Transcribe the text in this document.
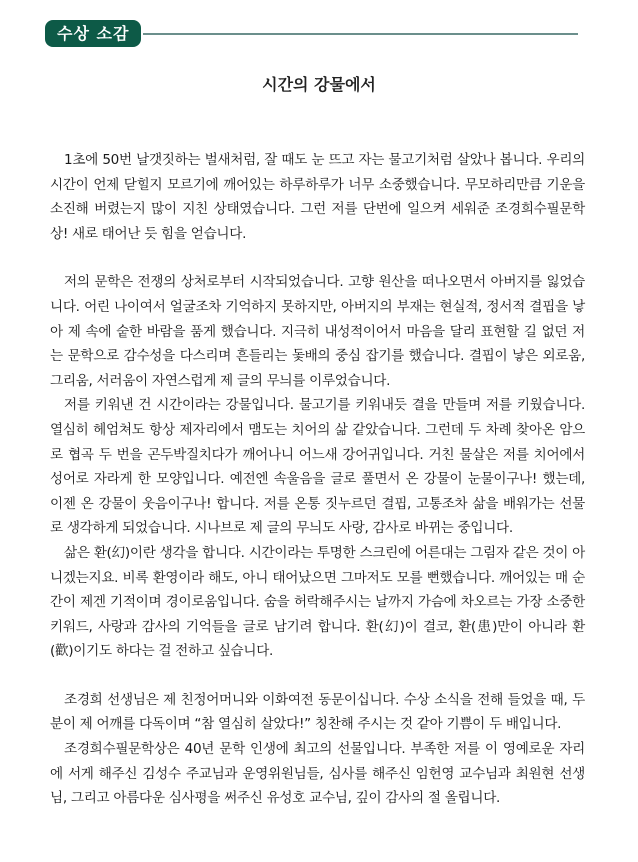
수상 소감
시간의 강물에서

1초에 50번 날갯짓하는 벌새처럼, 잘 때도 눈 뜨고 자는 물고기처럼 살았나 봅니다. 우리의 시간이 언제 닫힐지 모르기에 깨어있는 하루하루가 너무 소중했습니다. 무모하리만큼 기운을 소진해 버렸는지 많이 지친 상태였습니다. 그런 저를 단번에 일으켜 세워준 조경희수필문학상! 새로 태어난 듯 힘을 얻습니다.

저의 문학은 전쟁의 상처로부터 시작되었습니다. 고향 원산을 떠나오면서 아버지를 잃었습니다. 어린 나이여서 얼굴조차 기억하지 못하지만, 아버지의 부재는 현실적, 정서적 결핍을 낳아 제 속에 숱한 바람을 품게 했습니다. 지극히 내성적이어서 마음을 달리 표현할 길 없던 저는 문학으로 감수성을 다스리며 흔들리는 돛배의 중심 잡기를 했습니다. 결핍이 낳은 외로움, 그리움, 서러움이 자연스럽게 제 글의 무늬를 이루었습니다.

저를 키워낸 건 시간이라는 강물입니다. 물고기를 키워내듯 결을 만들며 저를 키웠습니다. 열심히 헤엄쳐도 항상 제자리에서 맴도는 치어의 삶 같았습니다. 그런데 두 차례 찾아온 암으로 협곡 두 번을 곤두박질치다가 깨어나니 어느새 강어귀입니다. 거친 물살은 저를 치어에서 성어로 자라게 한 모양입니다. 예전엔 속울음을 글로 풀면서 온 강물이 눈물이구나! 했는데, 이젠 온 강물이 웃음이구나! 합니다. 저를 온통 짓누르던 결핍, 고통조차 삶을 배워가는 선물로 생각하게 되었습니다. 시나브로 제 글의 무늬도 사랑, 감사로 바뀌는 중입니다.

삶은 환(幻)이란 생각을 합니다. 시간이라는 투명한 스크린에 어른대는 그림자 같은 것이 아니겠는지요. 비록 환영이라 해도, 아니 태어났으면 그마저도 모를 뻔했습니다. 깨어있는 매 순간이 제겐 기적이며 경이로움입니다. 숨을 허락해주시는 날까지 가슴에 차오르는 가장 소중한 키워드, 사랑과 감사의 기억들을 글로 남기려 합니다. 환(幻)이 결코, 환(患)만이 아니라 환(歡)이기도 하다는 걸 전하고 싶습니다.

조경희 선생님은 제 친정어머니와 이화여전 동문이십니다. 수상 소식을 전해 들었을 때, 두 분이 제 어깨를 다독이며 “참 열심히 살았다!” 칭찬해 주시는 것 같아 기쁨이 두 배입니다.

조경희수필문학상은 40년 문학 인생에 최고의 선물입니다. 부족한 저를 이 영예로운 자리에 서게 해주신 김성수 주교님과 운영위원님들, 심사를 해주신 임헌영 교수님과 최원현 선생님, 그리고 아름다운 심사평을 써주신 유성호 교수님, 깊이 감사의 절 올립니다.
